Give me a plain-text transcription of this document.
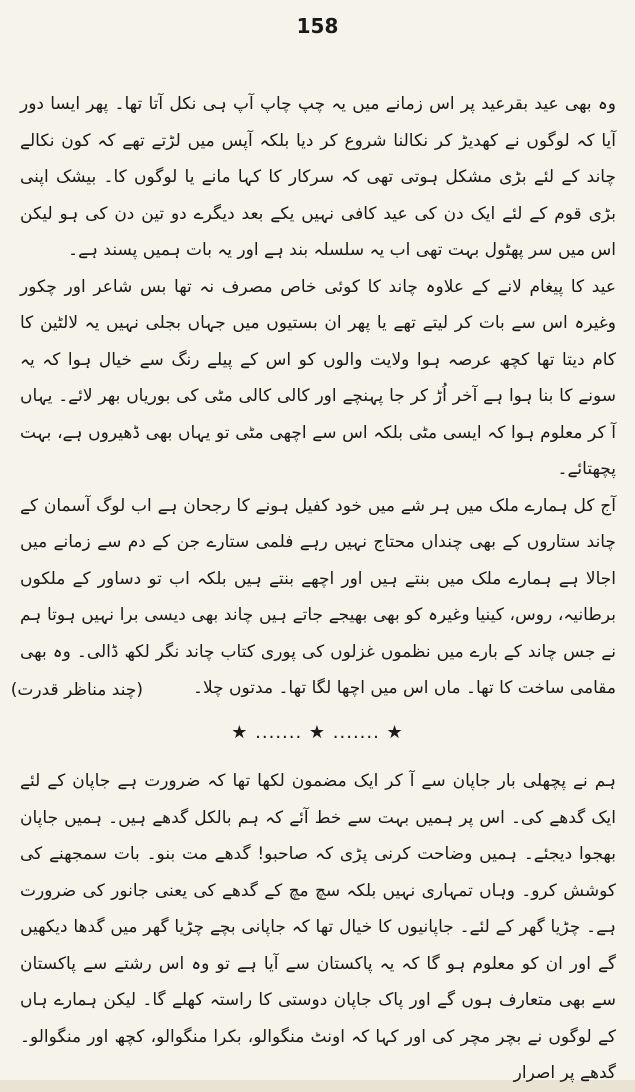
158

وہ بھی عید بقرعید پر اس زمانے میں یہ چپ چاپ آپ ہی نکل آتا تھا۔ پھر ایسا دور آیا کہ لوگوں نے کھدیڑ کر نکالنا شروع کر دیا بلکہ آپس میں لڑتے تھے کہ کون نکالے چاند کے لئے بڑی مشکل ہوتی تھی کہ سرکار کا کہا مانے یا لوگوں کا۔ بیشک اپنی بڑی قوم کے لئے ایک دن کی عید کافی نہیں یکے بعد دیگرے دو تین دن کی ہو لیکن اس میں سر پھٹول بہت تھی اب یہ سلسلہ بند ہے اور یہ بات ہمیں پسند ہے۔

عید کا پیغام لانے کے علاوہ چاند کا کوئی خاص مصرف نہ تھا بس شاعر اور چکور وغیرہ اس سے بات کر لیتے تھے یا پھر ان بستیوں میں جہاں بجلی نہیں یہ لالٹین کا کام دیتا تھا کچھ عرصہ ہوا ولایت والوں کو اس کے پیلے رنگ سے خیال ہوا کہ یہ سونے کا بنا ہوا ہے آخر اُڑ کر جا پہنچے اور کالی کالی مٹی کی بوریاں بھر لائے۔ یہاں آ کر معلوم ہوا کہ ایسی مٹی بلکہ اس سے اچھی مٹی تو یہاں بھی ڈھیروں ہے، بہت پچھتائے۔

آج کل ہمارے ملک میں ہر شے میں خود کفیل ہونے کا رجحان ہے اب لوگ آسمان کے چاند ستاروں کے بھی چنداں محتاج نہیں رہے فلمی ستارے جن کے دم سے زمانے میں اجالا ہے ہمارے ملک میں بنتے ہیں اور اچھے بنتے ہیں بلکہ اب تو دساور کے ملکوں برطانیہ، روس، کینیا وغیرہ کو بھی بھیجے جاتے ہیں چاند بھی دیسی برا نہیں ہوتا ہم نے جس چاند کے بارے میں نظموں غزلوں کی پوری کتاب چاند نگر لکھ ڈالی۔ وہ بھی مقامی ساخت کا تھا۔ ماں اس میں اچھا لگا تھا۔ مدتوں چلا۔

(چند مناظر قدرت)
★ ....... ★ ....... ★

ہم نے پچھلی بار جاپان سے آ کر ایک مضمون لکھا تھا کہ ضرورت ہے جاپان کے لئے ایک گدھے کی۔ اس پر ہمیں بہت سے خط آئے کہ ہم بالکل گدھے ہیں۔ ہمیں جاپان بھجوا دیجئے۔ ہمیں وضاحت کرنی پڑی کہ صاحبو! گدھے مت بنو۔ بات سمجھنے کی کوشش کرو۔ وہاں تمہاری نہیں بلکہ سچ مچ کے گدھے کی یعنی جانور کی ضرورت ہے۔ چڑیا گھر کے لئے۔ جاپانیوں کا خیال تھا کہ جاپانی بچے چڑیا گھر میں گدھا دیکھیں گے اور ان کو معلوم ہو گا کہ یہ پاکستان سے آیا ہے تو وہ اس رشتے سے پاکستان سے بھی متعارف ہوں گے اور پاک جاپان دوستی کا راستہ کھلے گا۔ لیکن ہمارے ہاں کے لوگوں نے بچر مچر کی اور کہا کہ اونٹ منگوالو، بکرا منگوالو، کچھ اور منگوالو۔ گدھے پر اصرار
